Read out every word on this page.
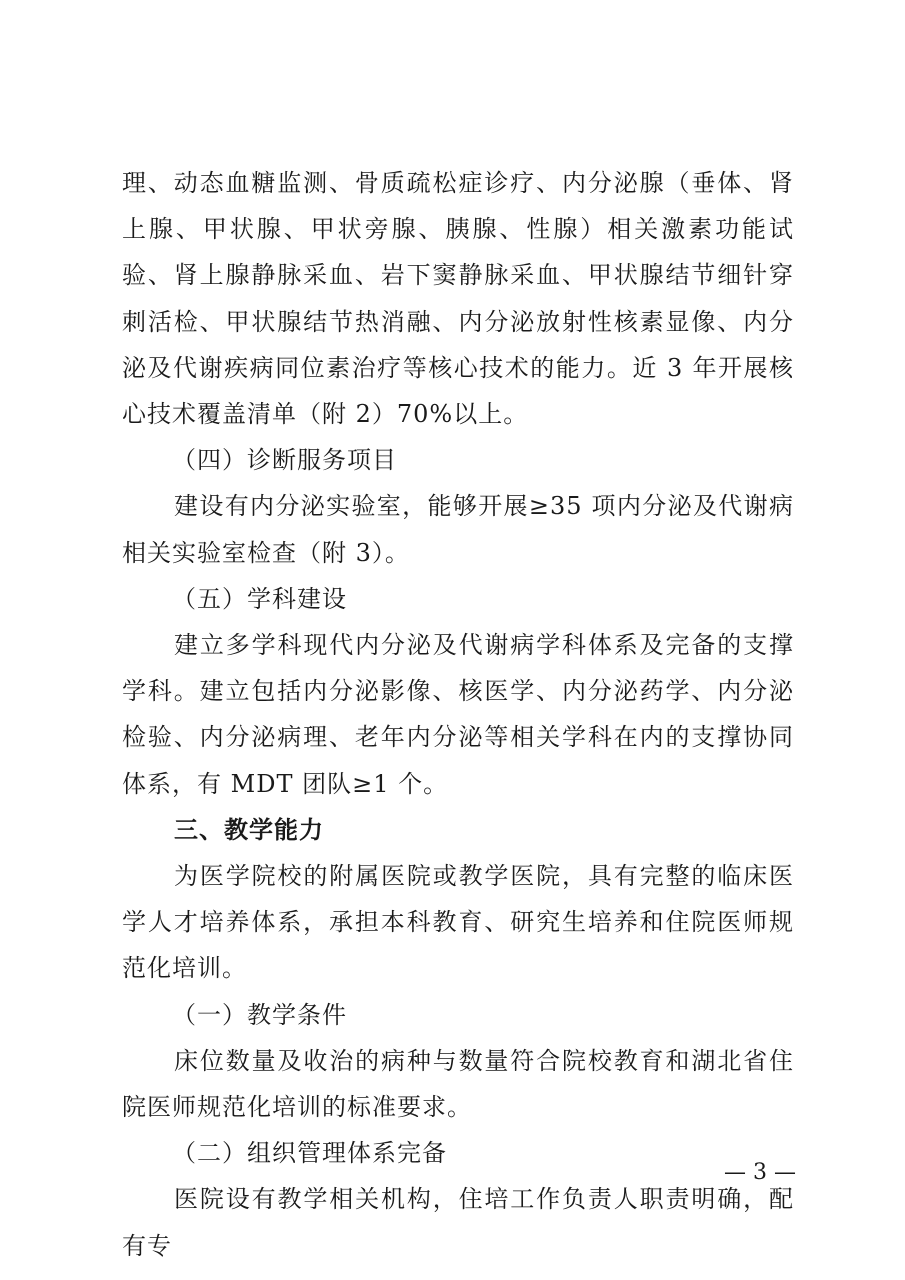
理、动态血糖监测、骨质疏松症诊疗、内分泌腺（垂体、肾上腺、甲状腺、甲状旁腺、胰腺、性腺）相关激素功能试验、肾上腺静脉采血、岩下窦静脉采血、甲状腺结节细针穿刺活检、甲状腺结节热消融、内分泌放射性核素显像、内分泌及代谢疾病同位素治疗等核心技术的能力。近 3 年开展核心技术覆盖清单（附 2）70%以上。

（四）诊断服务项目

建设有内分泌实验室，能够开展≥35 项内分泌及代谢病相关实验室检查（附 3）。

（五）学科建设

建立多学科现代内分泌及代谢病学科体系及完备的支撑学科。建立包括内分泌影像、核医学、内分泌药学、内分泌检验、内分泌病理、老年内分泌等相关学科在内的支撑协同体系，有 MDT 团队≥1 个。

三、教学能力

为医学院校的附属医院或教学医院，具有完整的临床医学人才培养体系，承担本科教育、研究生培养和住院医师规范化培训。

（一）教学条件

床位数量及收治的病种与数量符合院校教育和湖北省住院医师规范化培训的标准要求。

（二）组织管理体系完备

医院设有教学相关机构，住培工作负责人职责明确，配有专

— 3 —
